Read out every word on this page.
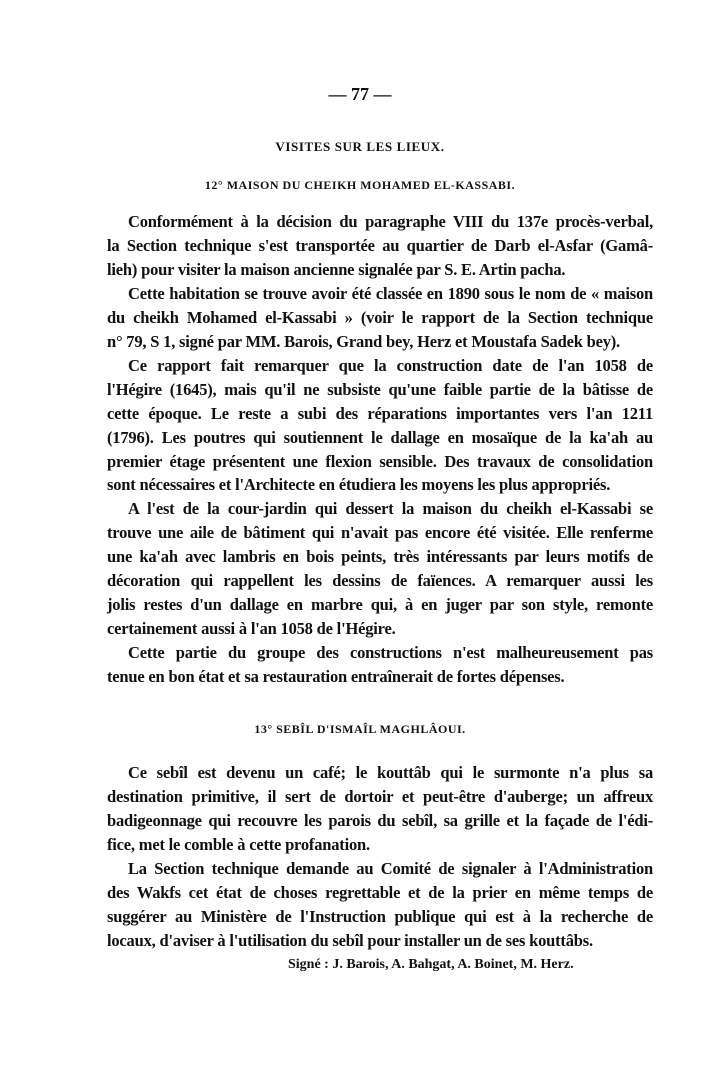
— 77 —
VISITES SUR LES LIEUX.
12° MAISON DU CHEIKH MOHAMED EL-KASSABI.
Conformément à la décision du paragraphe VIII du 137e procès-verbal,
la Section technique s'est transportée au quartier de Darb el-Asfar (Gamâ-
lieh) pour visiter la maison ancienne signalée par S. E. Artin pacha.
Cette habitation se trouve avoir été classée en 1890 sous le nom de « maison
du cheikh Mohamed el-Kassabi » (voir le rapport de la Section technique
n° 79, S 1, signé par MM. Barois, Grand bey, Herz et Moustafa Sadek bey).
Ce rapport fait remarquer que la construction date de l'an 1058 de
l'Hégire (1645), mais qu'il ne subsiste qu'une faible partie de la bâtisse de
cette époque. Le reste a subi des réparations importantes vers l'an 1211
(1796). Les poutres qui soutiennent le dallage en mosaïque de la ka'ah au
premier étage présentent une flexion sensible. Des travaux de consolidation
sont nécessaires et l'Architecte en étudiera les moyens les plus appropriés.
A l'est de la cour-jardin qui dessert la maison du cheikh el-Kassabi se
trouve une aile de bâtiment qui n'avait pas encore été visitée. Elle renferme
une ka'ah avec lambris en bois peints, très intéressants par leurs motifs de
décoration qui rappellent les dessins de faïences. A remarquer aussi les
jolis restes d'un dallage en marbre qui, à en juger par son style, remonte
certainement aussi à l'an 1058 de l'Hégire.
Cette partie du groupe des constructions n'est malheureusement pas
tenue en bon état et sa restauration entraînerait de fortes dépenses.
13° SEBÎL D'ISMAÎL MAGHLÂOUI.
Ce sebîl est devenu un café; le kouttâb qui le surmonte n'a plus sa
destination primitive, il sert de dortoir et peut-être d'auberge; un affreux
badigeonnage qui recouvre les parois du sebîl, sa grille et la façade de l'édi-
fice, met le comble à cette profanation.
La Section technique demande au Comité de signaler à l'Administration
des Wakfs cet état de choses regrettable et de la prier en même temps de
suggérer au Ministère de l'Instruction publique qui est à la recherche de
locaux, d'aviser à l'utilisation du sebîl pour installer un de ses kouttâbs.
Signé : J. Barois, A. Bahgat, A. Boinet, M. Herz.
